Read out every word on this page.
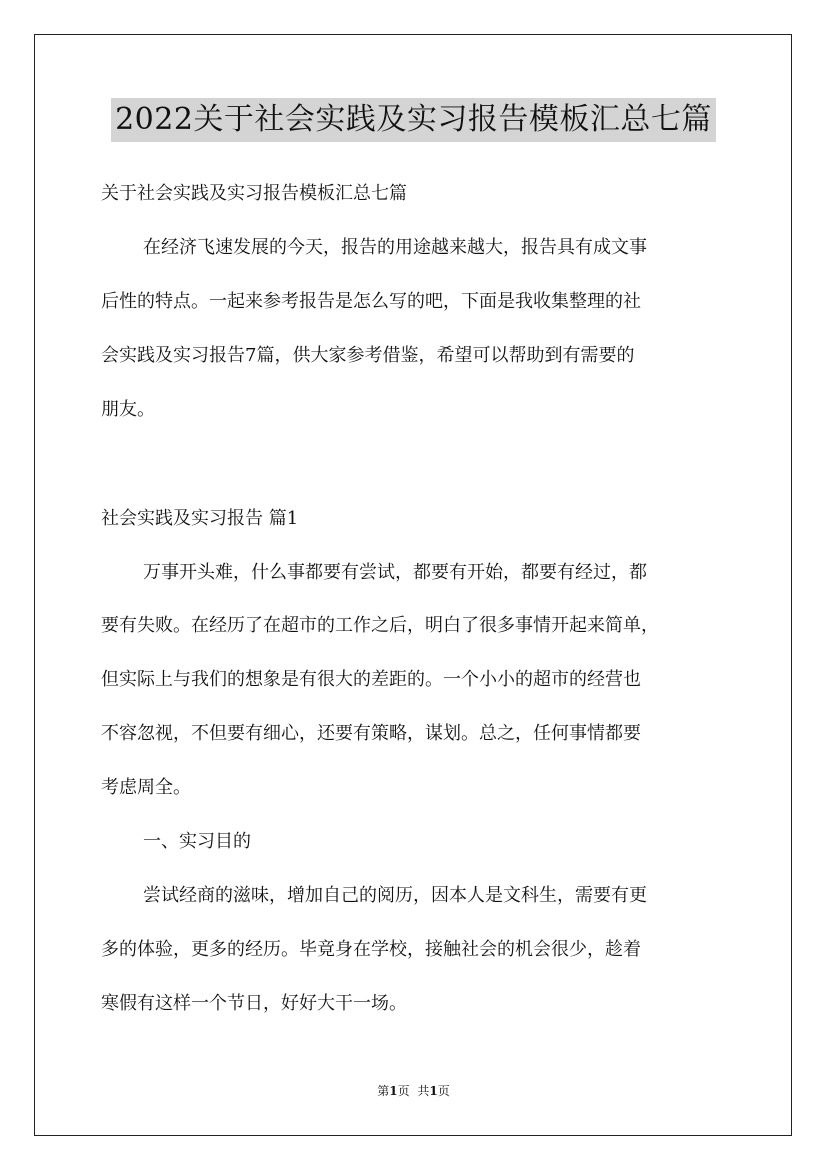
2022关于社会实践及实习报告模板汇总七篇
关于社会实践及实习报告模板汇总七篇
在经济飞速发展的今天，报告的用途越来越大，报告具有成文事
后性的特点。一起来参考报告是怎么写的吧，下面是我收集整理的社
会实践及实习报告7篇，供大家参考借鉴，希望可以帮助到有需要的
朋友。
社会实践及实习报告 篇1
万事开头难，什么事都要有尝试，都要有开始，都要有经过，都
要有失败。在经历了在超市的工作之后，明白了很多事情开起来简单，
但实际上与我们的想象是有很大的差距的。一个小小的超市的经营也
不容忽视，不但要有细心，还要有策略，谋划。总之，任何事情都要
考虑周全。
一、实习目的
尝试经商的滋味，增加自己的阅历，因本人是文科生，需要有更
多的体验，更多的经历。毕竟身在学校，接触社会的机会很少，趁着
寒假有这样一个节日，好好大干一场。
第1页 共1页
